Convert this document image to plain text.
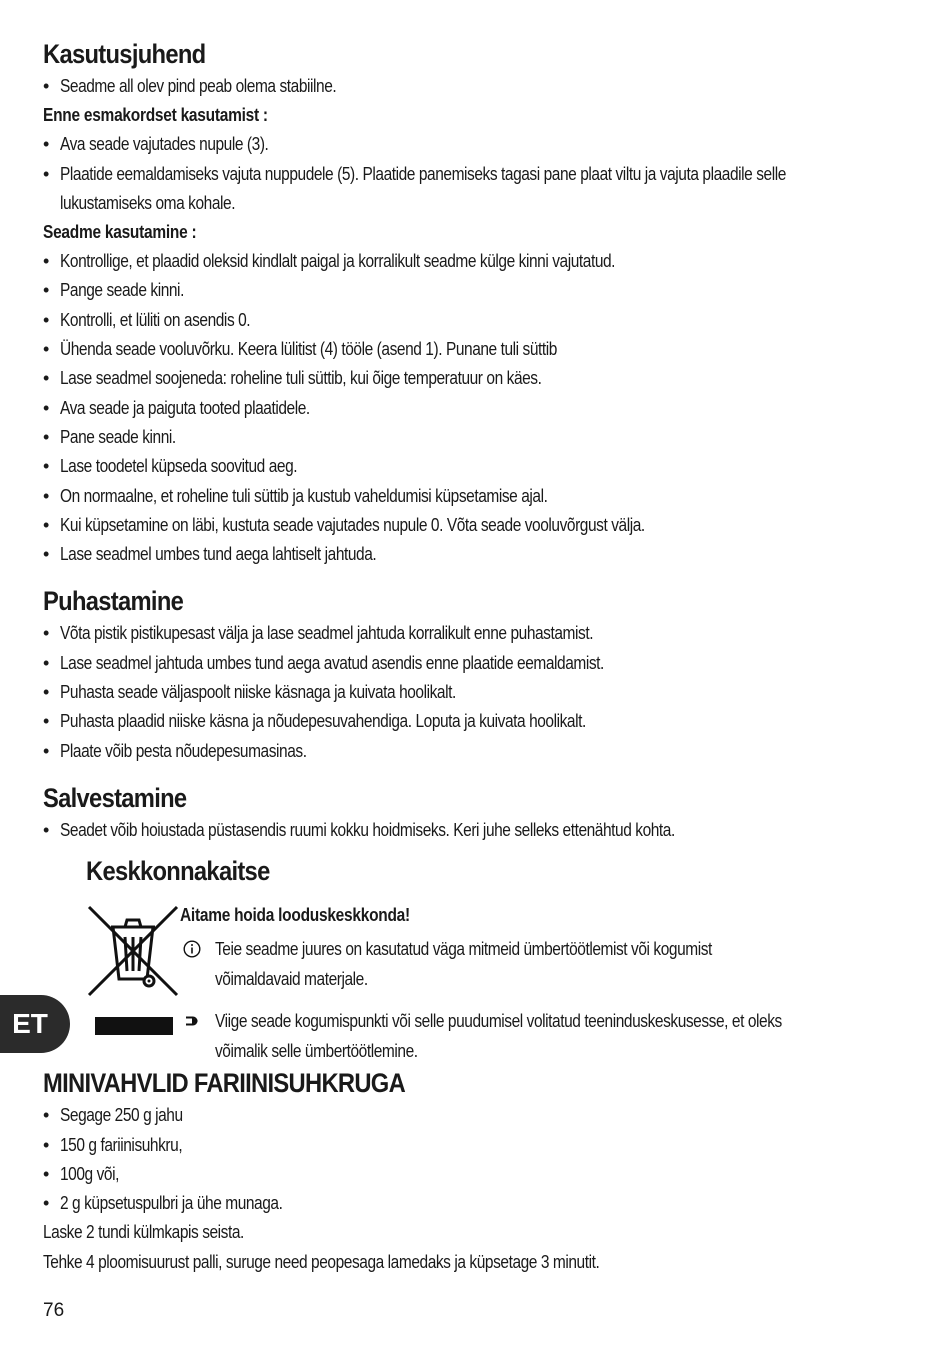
Kasutusjuhend
• Seadme all olev pind peab olema stabiilne.

Enne esmakordset kasutamist :

• Ava seade vajutades nupule (3).
• Plaatide eemaldamiseks vajuta nuppudele (5). Plaatide panemiseks tagasi pane plaat viltu ja vajuta plaadile selle
lukustamiseks oma kohale.

Seadme kasutamine :

• Kontrollige, et plaadid oleksid kindlalt paigal ja korralikult seadme külge kinni vajutatud.
• Pange seade kinni.
• Kontrolli, et lüliti on asendis 0.
• Ühenda seade vooluvõrku. Keera lülitist (4) tööle (asend 1). Punane tuli süttib
• Lase seadmel soojeneda: roheline tuli süttib, kui õige temperatuur on käes.
• Ava seade ja paiguta tooted plaatidele.
• Pane seade kinni.
• Lase toodetel küpseda soovitud aeg.
• On normaalne, et roheline tuli süttib ja kustub vaheldumisi küpsetamise ajal.
• Kui küpsetamine on läbi, kustuta seade vajutades nupule 0. Võta seade vooluvõrgust välja.
• Lase seadmel umbes tund aega lahtiselt jahtuda.
Puhastamine
• Võta pistik pistikupesast välja ja lase seadmel jahtuda korralikult enne puhastamist.
• Lase seadmel jahtuda umbes tund aega avatud asendis enne plaatide eemaldamist.
• Puhasta seade väljaspoolt niiske käsnaga ja kuivata hoolikalt.
• Puhasta plaadid niiske käsna ja nõudepesuvahendiga. Loputa ja kuivata hoolikalt.
• Plaate võib pesta nõudepesumasinas.
Salvestamine
• Seadet võib hoiustada püstasendis ruumi kokku hoidmiseks. Keri juhe selleks ettenähtud kohta.
Keskkonnakaitse

Aitame hoida looduskeskkonda!

Teie seadme juures on kasutatud väga mitmeid ümbertöötlemist või kogumist
võimaldavaid materjale.
Viige seade kogumispunkti või selle puudumisel volitatud teeninduskeskusesse, et oleks
võimalik selle ümbertöötlemine.
MINIVAHVLID FARIINISUHKRUGA
• Segage 250 g jahu
• 150 g fariinisuhkru,
• 100g või,
• 2 g küpsetuspulbri ja ühe munaga.

Laske 2 tundi külmkapis seista.

Tehke 4 ploomisuurust palli, suruge need peopesaga lamedaks ja küpsetage 3 minutit.

ET
76
